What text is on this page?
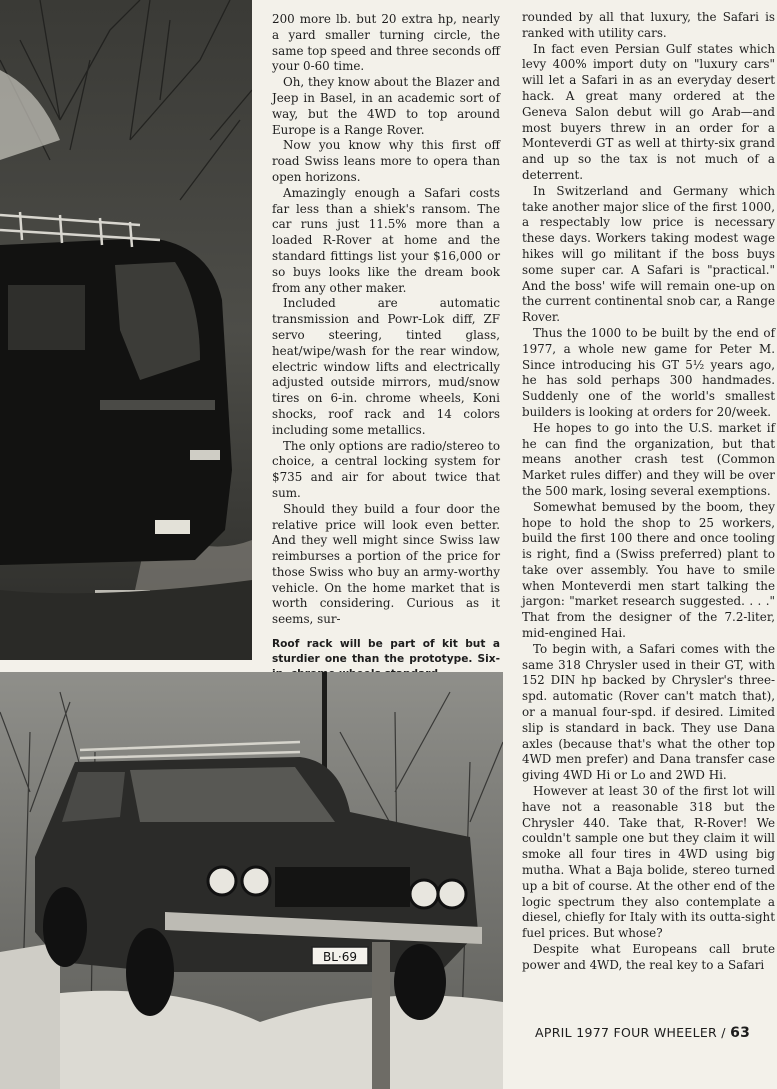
200 more lb. but 20 extra hp, nearly a yard smaller turning circle, the same top speed and three seconds off your 0-60 time.

Oh, they know about the Blazer and Jeep in Basel, in an academic sort of way, but the 4WD to top around Europe is a Range Rover.

Now you know why this first off road Swiss leans more to opera than open horizons.

Amazingly enough a Safari costs far less than a shiek's ransom. The car runs just 11.5% more than a loaded R-Rover at home and the standard fittings list your $16,000 or so buys looks like the dream book from any other maker.

Included are automatic transmission and Powr-Lok diff, ZF servo steering, tinted glass, heat/wipe/wash for the rear window, electric window lifts and electrically adjusted outside mirrors, mud/snow tires on 6-in. chrome wheels, Koni shocks, roof rack and 14 colors including some metallics.

The only options are radio/stereo to choice, a central locking system for $735 and air for about twice that sum.

Should they build a four door the relative price will look even better. And they well might since Swiss law reimburses a portion of the price for those Swiss who buy an army-worthy vehicle. On the home market that is worth considering. Curious as it seems, sur-

Roof rack will be part of kit but a sturdier one than the prototype. Six-

rounded by all that luxury, the Safari is ranked with utility cars.

In fact even Persian Gulf states which levy 400% import duty on "luxury cars" will let a Safari in as an everyday desert hack. A great many ordered at the Geneva Salon debut will go Arab—and most buyers threw in an order for a Monteverdi GT as well at thirty-six grand and up so the tax is not much of a deterrent.

In Switzerland and Germany which take another major slice of the first 1000, a respectably low price is necessary these days. Workers taking modest wage hikes will go militant if the boss buys some super car. A Safari is "practical." And the boss' wife will remain one-up on the current continental snob car, a Range Rover.

Thus the 1000 to be built by the end of 1977, a whole new game for Peter M. Since introducing his GT 5½ years ago, he has sold perhaps 300 handmades. Suddenly one of the world's smallest builders is looking at orders for 20/week.

He hopes to go into the U.S. market if he can find the organization, but that means another crash test (Common Market rules differ) and they will be over the 500 mark, losing several exemptions.

Somewhat bemused by the boom, they hope to hold the shop to 25 workers, build the first 100 there and once tooling is right, find a (Swiss preferred) plant to take over assembly. You have to smile when Monteverdi men start talking the jargon: "market research suggested. . . ." That from the designer of the 7.2-liter, mid-engined Hai.

To begin with, a Safari comes with the same 318 Chrysler used in their GT, with 152 DIN hp backed by Chrysler's three-spd. automatic (Rover can't match that), or a manual four-spd. if desired. Limited slip is standard in back. They use Dana axles (because that's what the other top 4WD men prefer) and Dana transfer case giving 4WD Hi or Lo and 2WD Hi.

However at least 30 of the first lot will have not a reasonable 318 but the Chrysler 440. Take that, R-Rover! We couldn't sample one but they claim it will smoke all four tires in 4WD using big mutha. What a Baja bolide, stereo turned up a bit of course. At the other end of the logic spectrum they also contemplate a diesel, chiefly for Italy with its outta-sight fuel prices. But whose?

Despite what Europeans call brute power and 4WD, the real key to a Safari

BL·69
APRIL 1977 FOUR WHEELER / 63
